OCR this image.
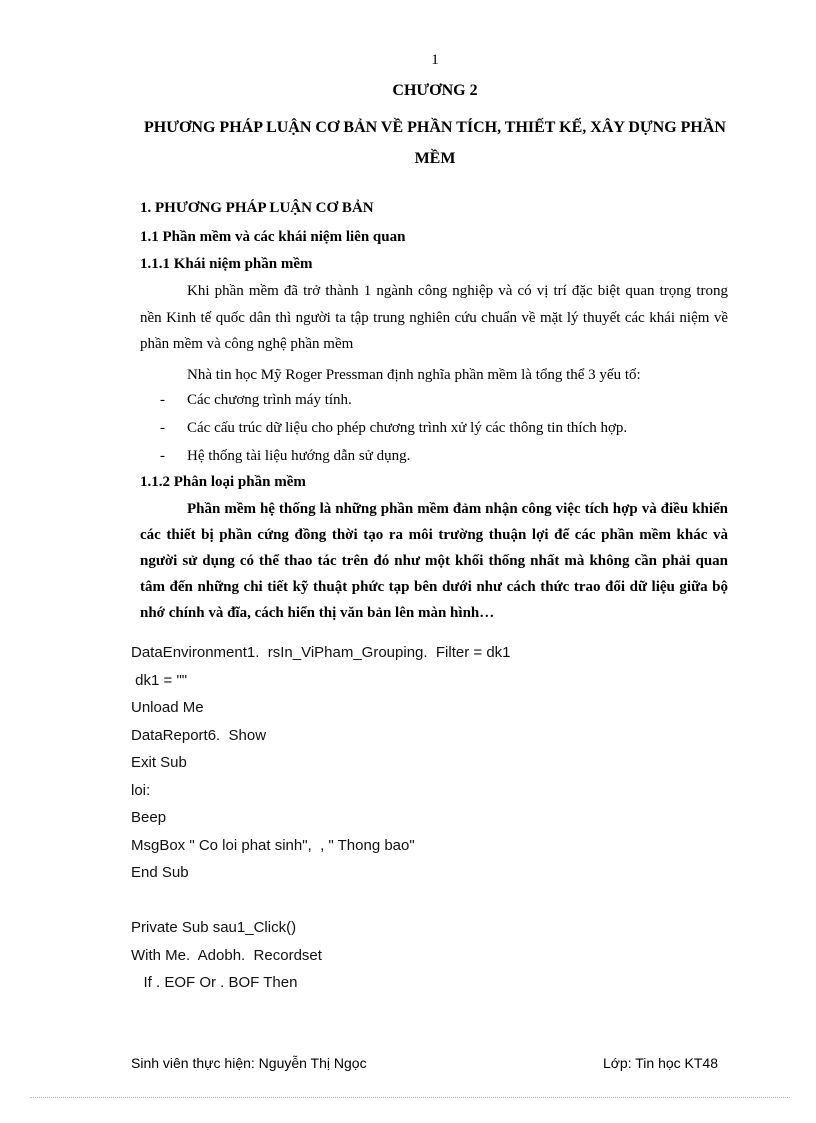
1
CHƯƠNG 2
PHƯƠNG PHÁP LUẬN CƠ BẢN VỀ PHẦN TÍCH, THIẾT KẾ, XÂY DỰNG PHẦN MỀM
1. PHƯƠNG PHÁP LUẬN CƠ BẢN
1.1 Phần mềm và các khái niệm liên quan
1.1.1 Khái niệm phần mềm
Khi phần mềm đã trở thành 1 ngành công nghiệp và có vị trí đặc biệt quan trọng trong nền Kinh tế quốc dân thì người ta tập trung nghiên cứu chuẩn về mặt lý thuyết các khái niệm về phần mềm và công nghệ phần mềm
Nhà tin học Mỹ Roger Pressman định nghĩa phần mềm là tổng thể 3 yếu tố:
- Các chương trình máy tính.
- Các cấu trúc dữ liệu cho phép chương trình xử lý các thông tin thích hợp.
- Hệ thống tài liệu hướng dẫn sử dụng.
1.1.2 Phân loại phần mềm
Phần mềm hệ thống là những phần mềm đảm nhận công việc tích hợp và điều khiển các thiết bị phần cứng đồng thời tạo ra môi trường thuận lợi để các phần mềm khác và người sử dụng có thể thao tác trên đó như một khối thống nhất mà không cần phải quan tâm đến những chi tiết kỹ thuật phức tạp bên dưới như cách thức trao đổi dữ liệu giữa bộ nhớ chính và đĩa, cách hiển thị văn bản lên màn hình…
DataEnvironment1.  rsIn_ViPham_Grouping.  Filter = dk1
dk1 = ""
Unload Me
DataReport6.  Show
Exit Sub
loi:
Beep
MsgBox " Co loi phat sinh",  , " Thong bao"
End Sub
Private Sub sau1_Click()
With Me.  Adobh.  Recordset
If . EOF Or . BOF Then
Sinh viên thực hiện: Nguyễn Thị Ngọc	Lớp: Tin học KT48
